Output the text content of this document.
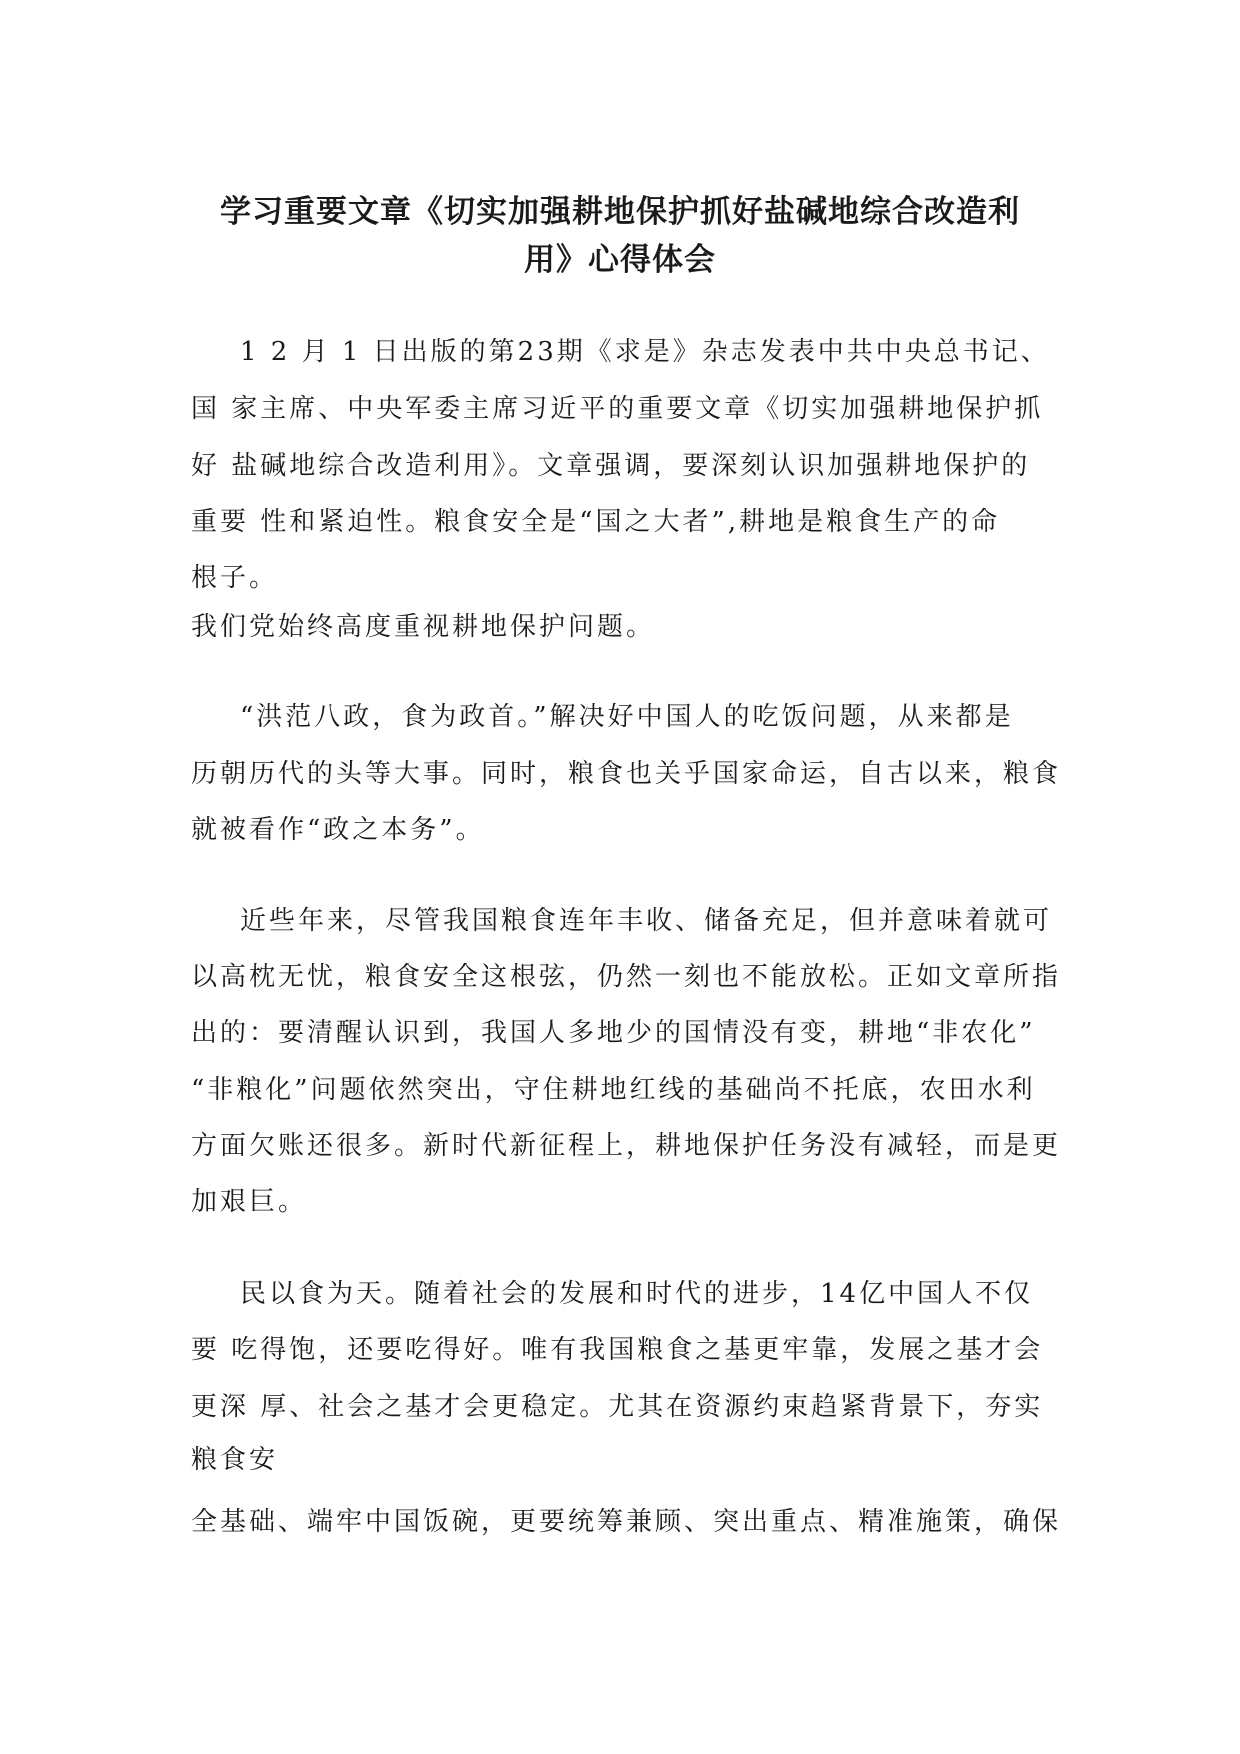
学习重要文章《切实加强耕地保护抓好盐碱地综合改造利
用》心得体会

1 2 月 1 日出版的第23期《求是》杂志发表中共中央总书记、

国 家主席、中央军委主席习近平的重要文章《切实加强耕地保护抓

好 盐碱地综合改造利用》。文章强调，要深刻认识加强耕地保护的

重要 性和紧迫性。粮食安全是“国之大者”,耕地是粮食生产的命

根子。

我们党始终高度重视耕地保护问题。

“洪范八政，食为政首。”解决好中国人的吃饭问题，从来都是

历朝历代的头等大事。同时，粮食也关乎国家命运，自古以来，粮食

就被看作“政之本务”。

近些年来，尽管我国粮食连年丰收、储备充足，但并意味着就可

以高枕无忧，粮食安全这根弦，仍然一刻也不能放松。正如文章所指

出的：要清醒认识到，我国人多地少的国情没有变，耕地“非农化”

“非粮化”问题依然突出，守住耕地红线的基础尚不托底，农田水利

方面欠账还很多。新时代新征程上，耕地保护任务没有减轻，而是更

加艰巨。

民以食为天。随着社会的发展和时代的进步，14亿中国人不仅

要 吃得饱，还要吃得好。唯有我国粮食之基更牢靠，发展之基才会

更深 厚、社会之基才会更稳定。尤其在资源约束趋紧背景下，夯实

粮食安

全基础、端牢中国饭碗，更要统筹兼顾、突出重点、精准施策，确保
